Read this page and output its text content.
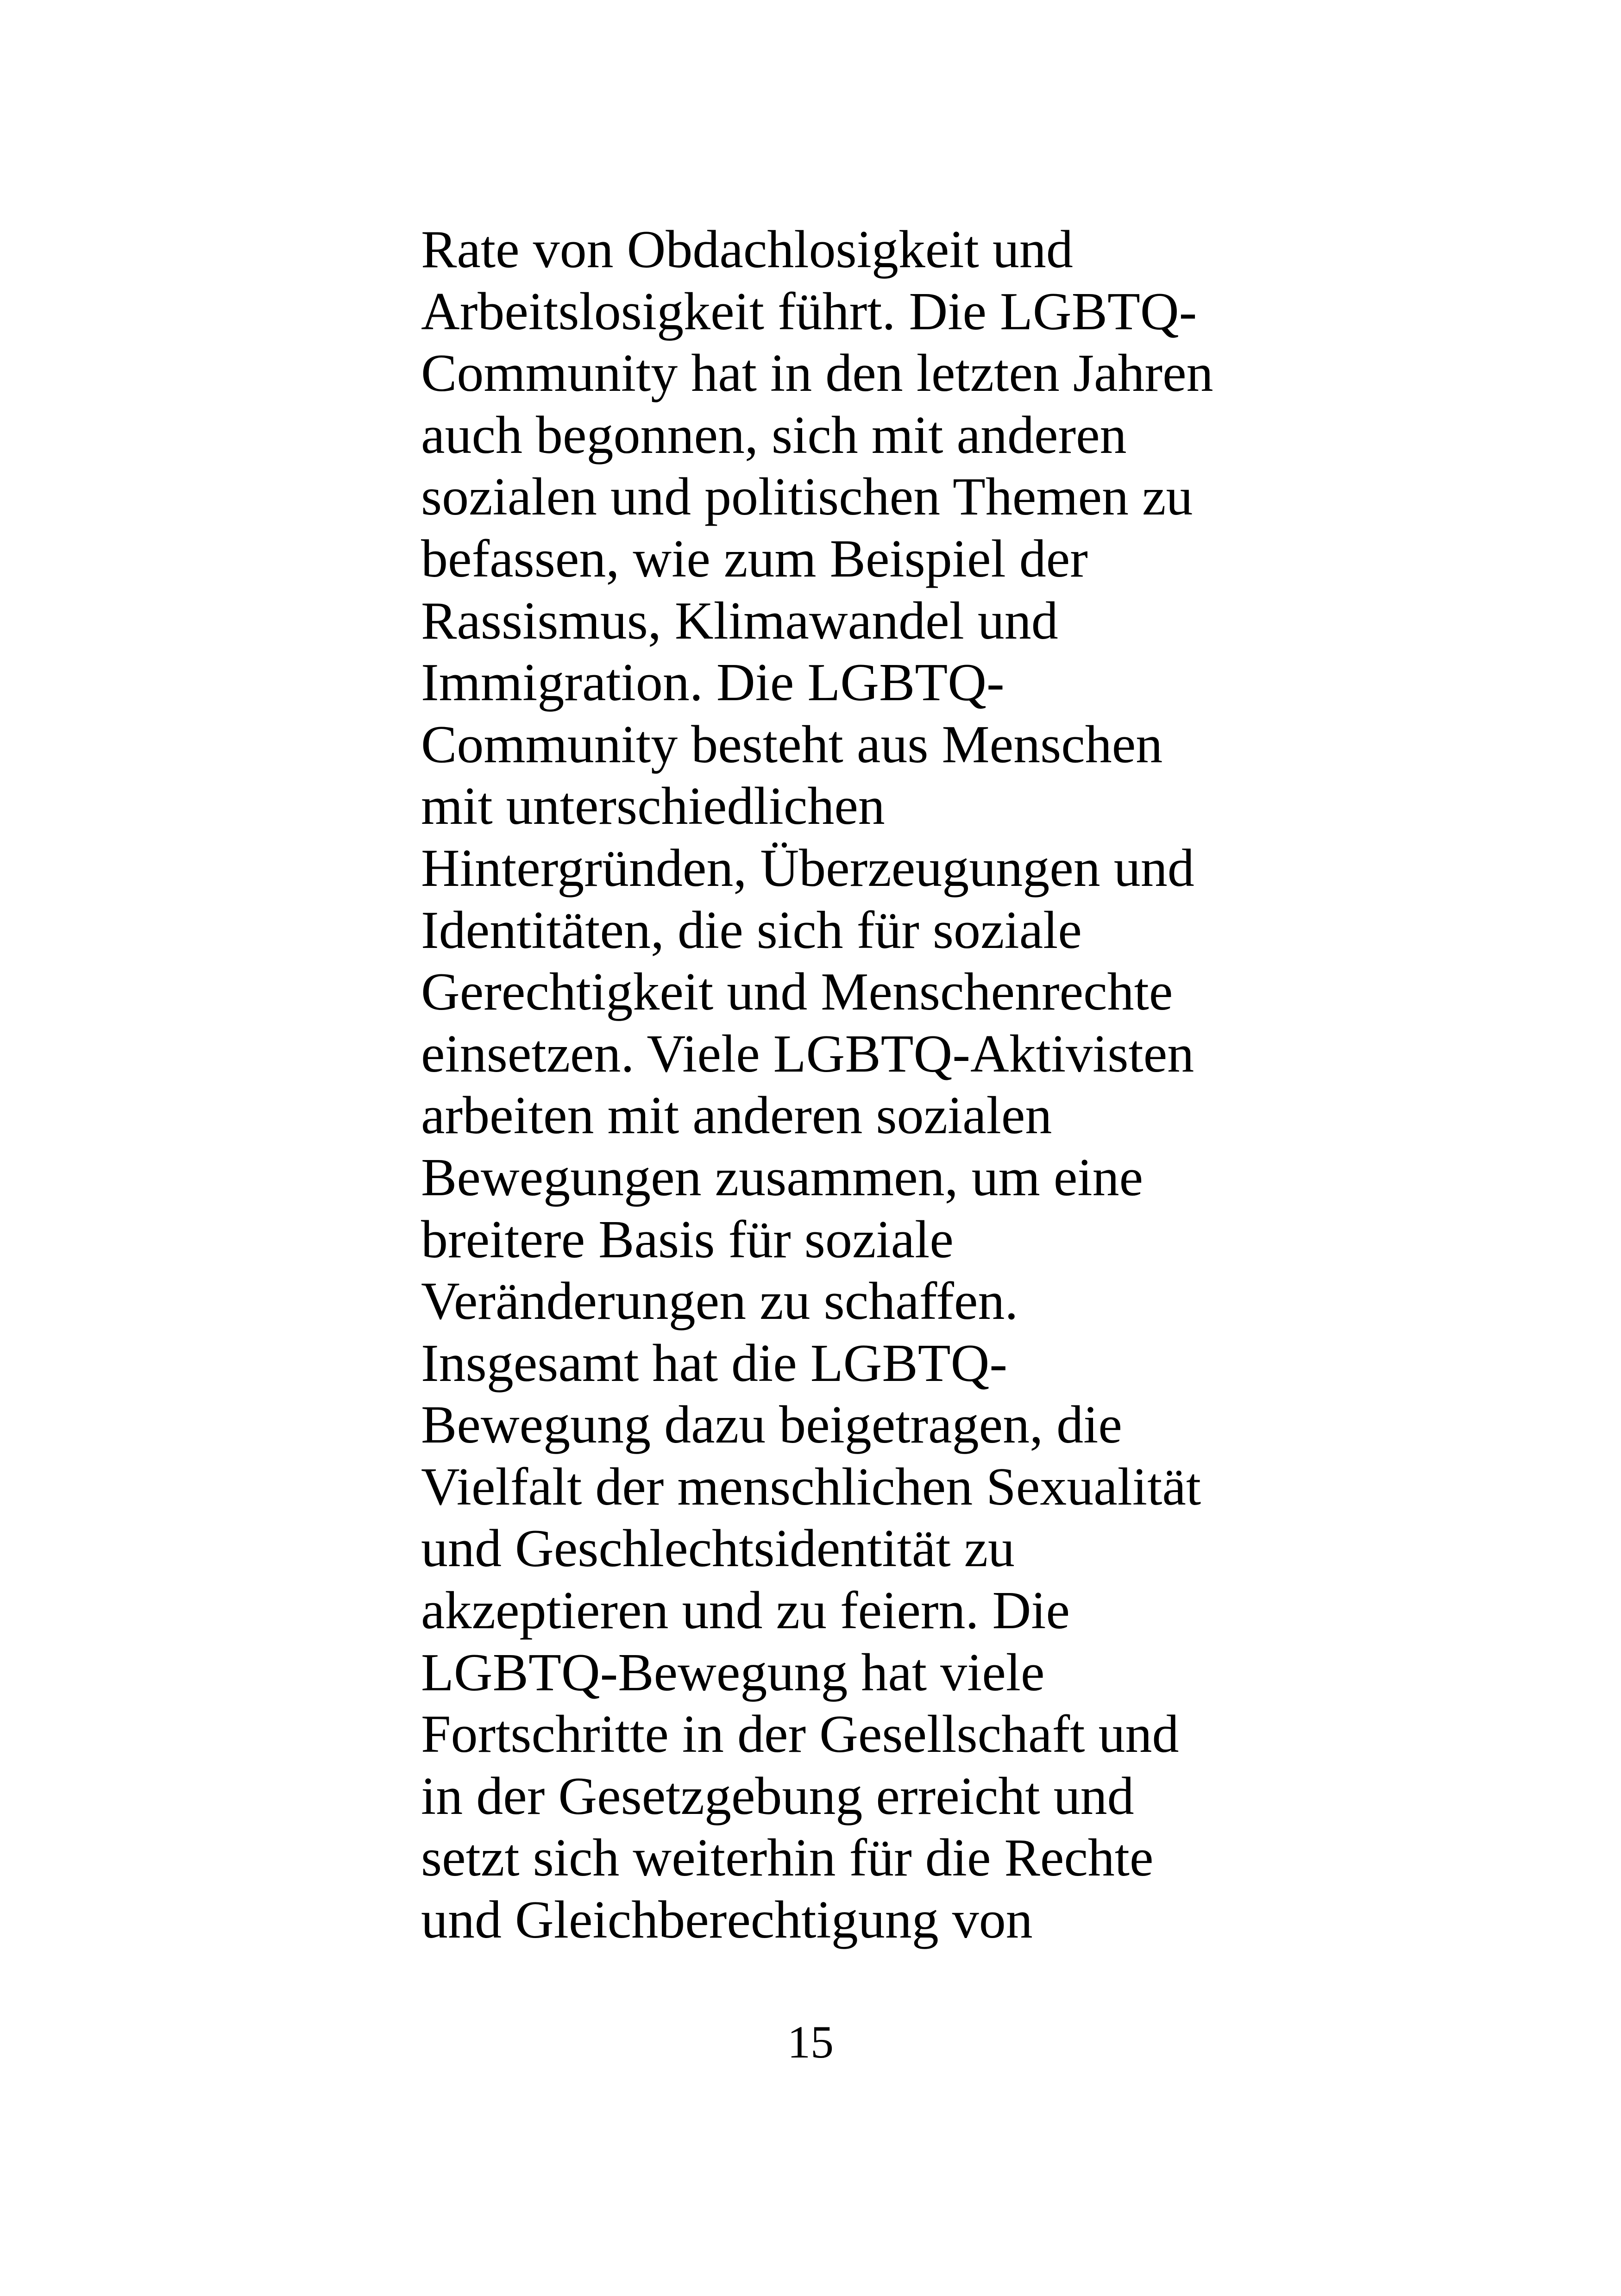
Rate von Obdachlosigkeit und
Arbeitslosigkeit führt. Die LGBTQ-
Community hat in den letzten Jahren
auch begonnen, sich mit anderen
sozialen und politischen Themen zu
befassen, wie zum Beispiel der
Rassismus, Klimawandel und
Immigration. Die LGBTQ-
Community besteht aus Menschen
mit unterschiedlichen
Hintergründen, Überzeugungen und
Identitäten, die sich für soziale
Gerechtigkeit und Menschenrechte
einsetzen. Viele LGBTQ-Aktivisten
arbeiten mit anderen sozialen
Bewegungen zusammen, um eine
breitere Basis für soziale
Veränderungen zu schaffen.
Insgesamt hat die LGBTQ-
Bewegung dazu beigetragen, die
Vielfalt der menschlichen Sexualität
und Geschlechtsidentität zu
akzeptieren und zu feiern. Die
LGBTQ-Bewegung hat viele
Fortschritte in der Gesellschaft und
in der Gesetzgebung erreicht und
setzt sich weiterhin für die Rechte
und Gleichberechtigung von
15
